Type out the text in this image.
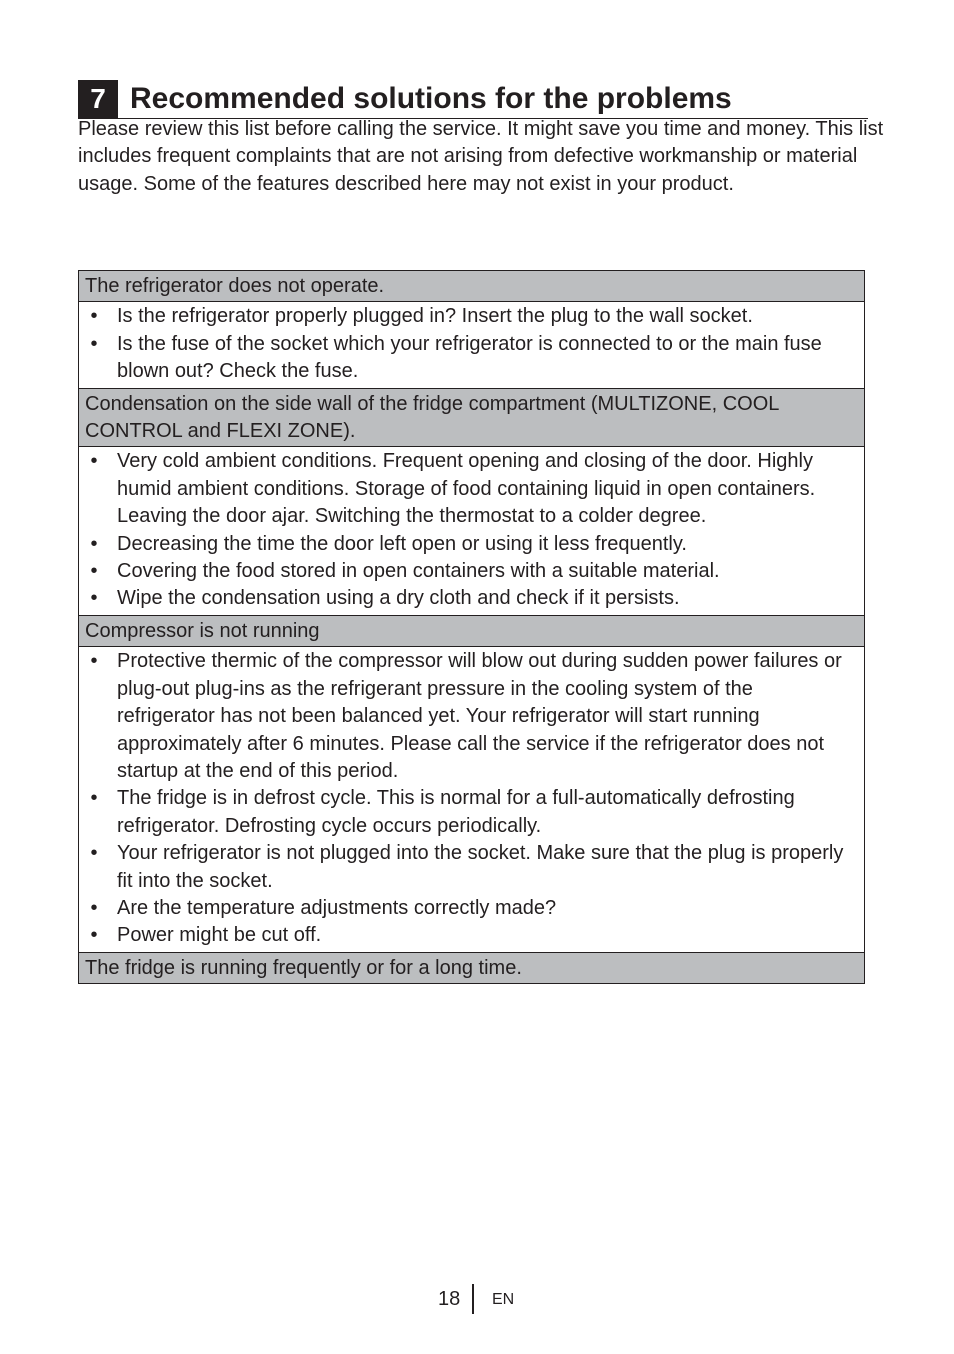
7 Recommended solutions for the problems

Please review this list before calling the service. It might save you time and money. This list includes frequent complaints that are not arising from defective workmanship or material usage. Some of the features described here may not exist in your product.

The refrigerator does not operate.
• Is the refrigerator properly plugged in? Insert the plug to the wall socket.
• Is the fuse of the socket which your refrigerator is connected to or the main fuse blown out? Check the fuse.
Condensation on the side wall of the fridge compartment (MULTIZONE, COOL CONTROL and FLEXI ZONE).
• Very cold ambient conditions. Frequent opening and closing of the door. Highly humid ambient conditions. Storage of food containing liquid in open containers. Leaving the door ajar. Switching the thermostat to a colder degree.
• Decreasing the time the door left open or using it less frequently.
• Covering the food stored in open containers with a suitable material.
• Wipe the condensation using a dry cloth and check if it persists.
Compressor is not running
• Protective thermic of the compressor will blow out during sudden power failures or plug-out plug-ins as the refrigerant pressure in the cooling system of the refrigerator has not been balanced yet. Your refrigerator will start running approximately after 6 minutes. Please call the service if the refrigerator does not startup at the end of this period.
• The fridge is in defrost cycle. This is normal for a full-automatically defrosting refrigerator. Defrosting cycle occurs periodically.
• Your refrigerator is not plugged into the socket. Make sure that the plug is properly fit into the socket.
• Are the temperature adjustments correctly made?
• Power might be cut off.
The fridge is running frequently or for a long time.
18 EN
